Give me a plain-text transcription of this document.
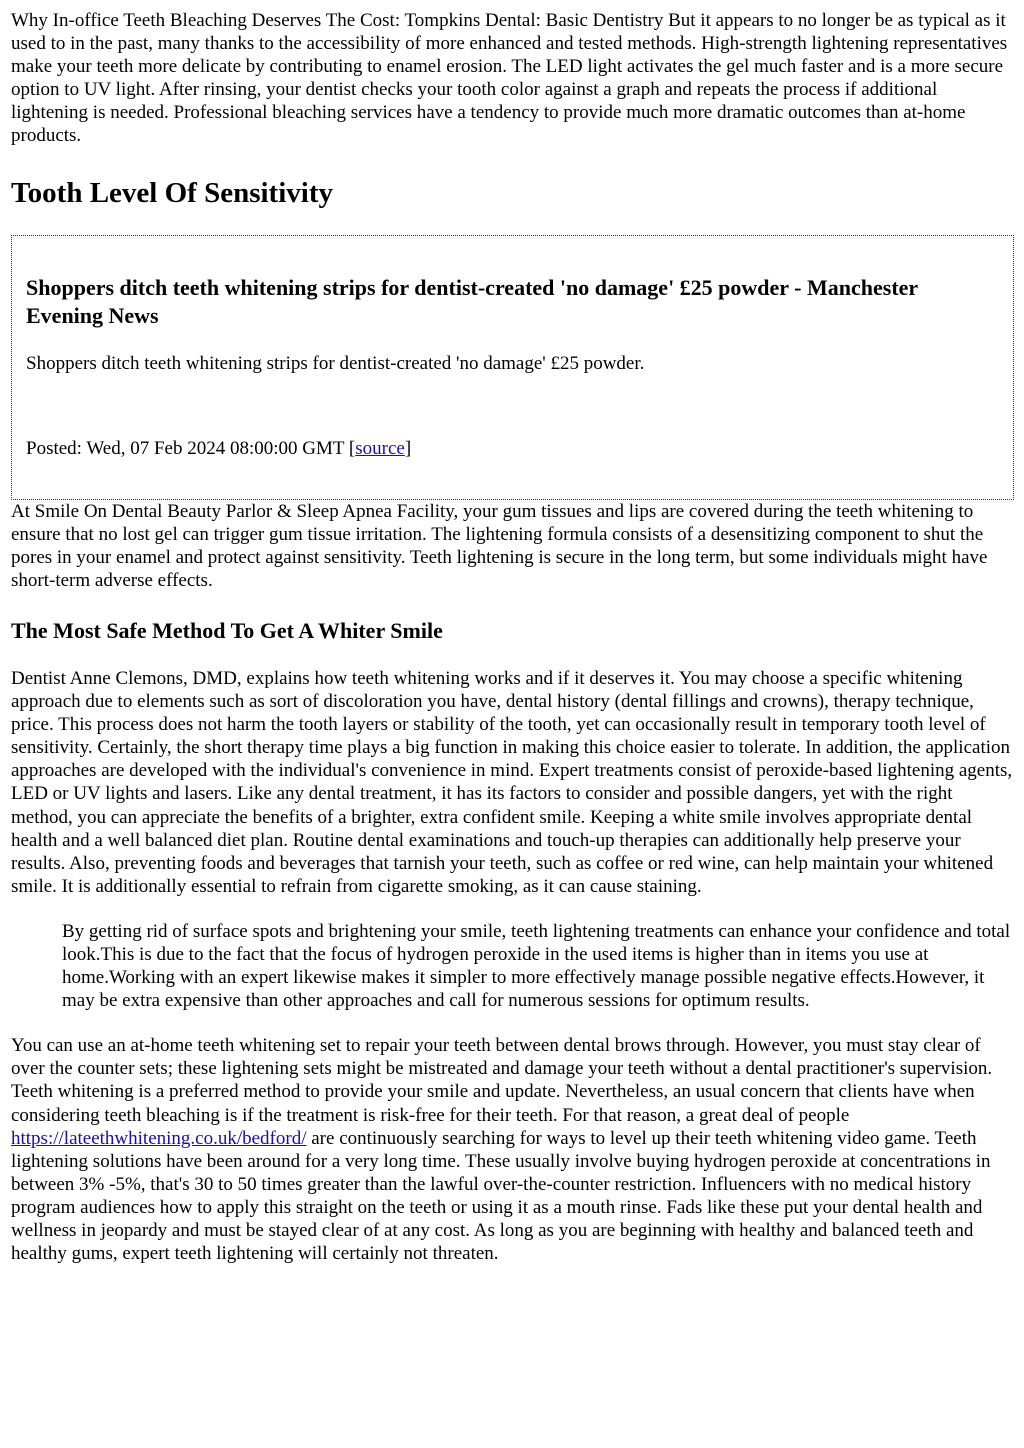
Why In-office Teeth Bleaching Deserves The Cost: Tompkins Dental: Basic Dentistry But it appears to no longer be as typical as it used to in the past, many thanks to the accessibility of more enhanced and tested methods. High-strength lightening representatives make your teeth more delicate by contributing to enamel erosion. The LED light activates the gel much faster and is a more secure option to UV light. After rinsing, your dentist checks your tooth color against a graph and repeats the process if additional lightening is needed. Professional bleaching services have a tendency to provide much more dramatic outcomes than at-home products.

Tooth Level Of Sensitivity
Shoppers ditch teeth whitening strips for dentist-created 'no damage' £25 powder - Manchester Evening News

Shoppers ditch teeth whitening strips for dentist-created 'no damage' £25 powder.

Posted: Wed, 07 Feb 2024 08:00:00 GMT [source]

At Smile On Dental Beauty Parlor & Sleep Apnea Facility, your gum tissues and lips are covered during the teeth whitening to ensure that no lost gel can trigger gum tissue irritation. The lightening formula consists of a desensitizing component to shut the pores in your enamel and protect against sensitivity. Teeth lightening is secure in the long term, but some individuals might have short-term adverse effects.

The Most Safe Method To Get A Whiter Smile

Dentist Anne Clemons, DMD, explains how teeth whitening works and if it deserves it. You may choose a specific whitening approach due to elements such as sort of discoloration you have, dental history (dental fillings and crowns), therapy technique, price. This process does not harm the tooth layers or stability of the tooth, yet can occasionally result in temporary tooth level of sensitivity. Certainly, the short therapy time plays a big function in making this choice easier to tolerate. In addition, the application approaches are developed with the individual's convenience in mind. Expert treatments consist of peroxide-based lightening agents, LED or UV lights and lasers. Like any dental treatment, it has its factors to consider and possible dangers, yet with the right method, you can appreciate the benefits of a brighter, extra confident smile. Keeping a white smile involves appropriate dental health and a well balanced diet plan. Routine dental examinations and touch-up therapies can additionally help preserve your results. Also, preventing foods and beverages that tarnish your teeth, such as coffee or red wine, can help maintain your whitened smile. It is additionally essential to refrain from cigarette smoking, as it can cause staining.

By getting rid of surface spots and brightening your smile, teeth lightening treatments can enhance your confidence and total look.This is due to the fact that the focus of hydrogen peroxide in the used items is higher than in items you use at home.Working with an expert likewise makes it simpler to more effectively manage possible negative effects.However, it may be extra expensive than other approaches and call for numerous sessions for optimum results.

You can use an at-home teeth whitening set to repair your teeth between dental brows through. However, you must stay clear of over the counter sets; these lightening sets might be mistreated and damage your teeth without a dental practitioner's supervision. Teeth whitening is a preferred method to provide your smile and update. Nevertheless, an usual concern that clients have when considering teeth bleaching is if the treatment is risk-free for their teeth. For that reason, a great deal of people https://lateethwhitening.co.uk/bedford/ are continuously searching for ways to level up their teeth whitening video game. Teeth lightening solutions have been around for a very long time. These usually involve buying hydrogen peroxide at concentrations in between 3% -5%, that's 30 to 50 times greater than the lawful over-the-counter restriction. Influencers with no medical history program audiences how to apply this straight on the teeth or using it as a mouth rinse. Fads like these put your dental health and wellness in jeopardy and must be stayed clear of at any cost. As long as you are beginning with healthy and balanced teeth and healthy gums, expert teeth lightening will certainly not threaten.
